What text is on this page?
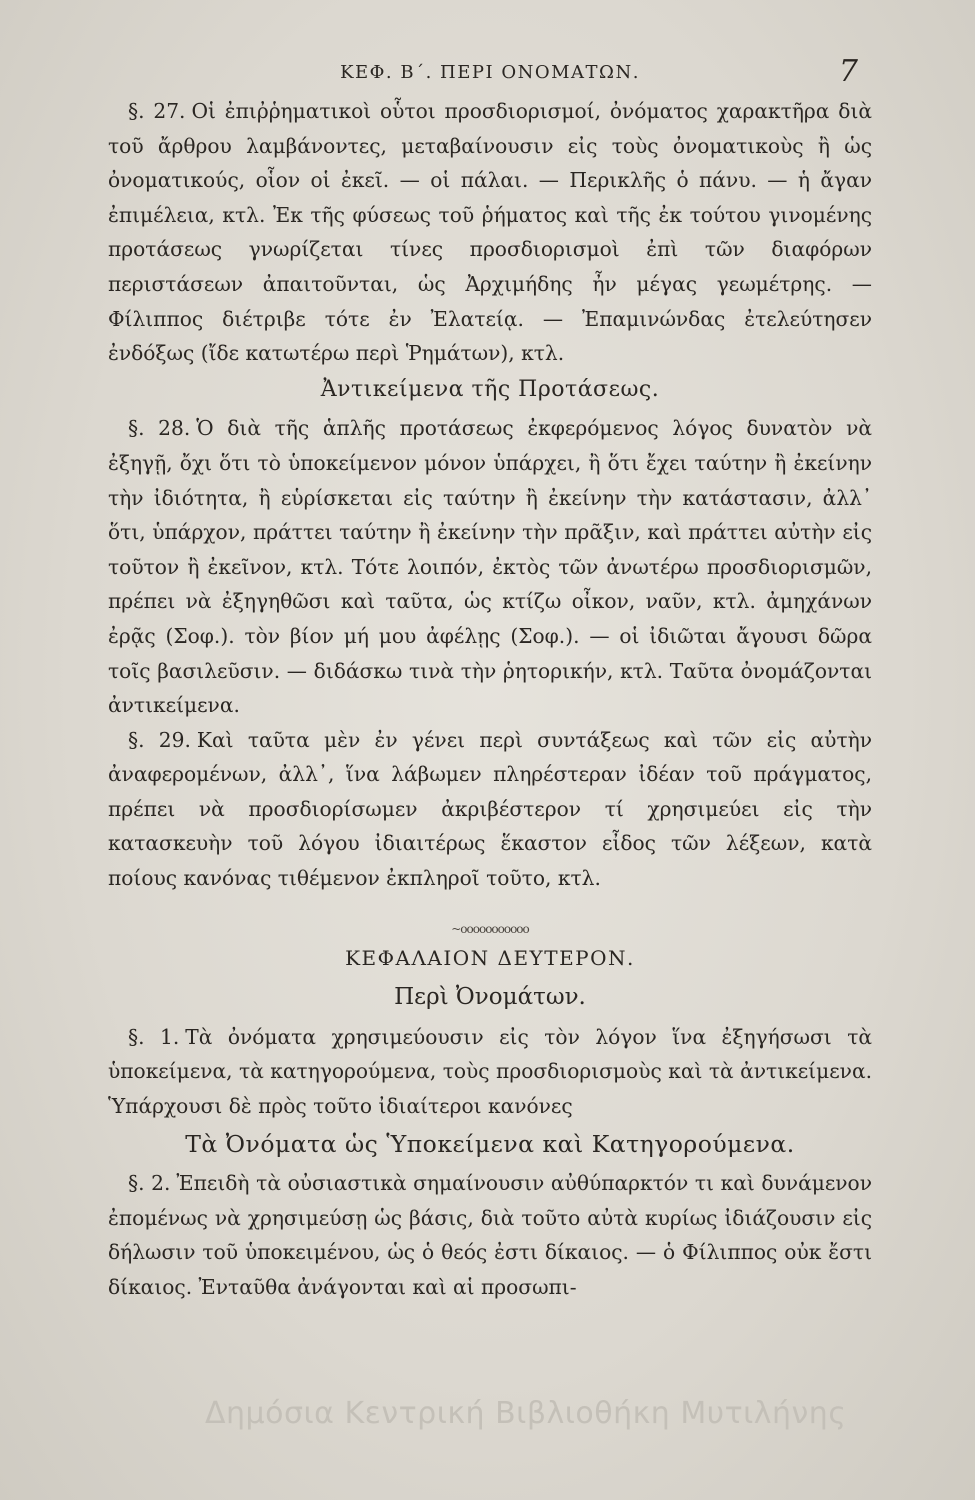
ΚΕΦ. Β΄. ΠΕΡΙ ΟΝΟΜΑΤΩΝ.	7

§. 27. Οἱ ἐπιῤῥηματικοὶ οὗτοι προσδιορισμοί, ὀνόματος χαρακτῆρα διὰ τοῦ ἄρθρου λαμβάνοντες, μεταβαίνουσιν εἰς τοὺς ὀνοματικοὺς ἢ ὡς ὀνοματικούς, οἷον οἱ ἐκεῖ. — οἱ πάλαι. — Περικλῆς ὁ πάνυ. — ἡ ἄγαν ἐπιμέλεια, κτλ. Ἐκ τῆς φύσεως τοῦ ῥήματος καὶ τῆς ἐκ τούτου γινομένης προτάσεως γνωρίζεται τίνες προσδιορισμοὶ ἐπὶ τῶν διαφόρων περιστάσεων ἀπαιτοῦνται, ὡς Ἀρχιμήδης ἦν μέγας γεωμέτρης. — Φίλιππος διέτριβε τότε ἐν Ἐλατείᾳ. — Ἐπαμινώνδας ἐτελεύτησεν ἐνδόξως (ἴδε κατωτέρω περὶ Ῥημάτων), κτλ.

Ἀντικείμενα τῆς Προτάσεως.

§. 28. Ὁ διὰ τῆς ἁπλῆς προτάσεως ἐκφερόμενος λόγος δυνατὸν νὰ ἐξηγῇ, ὄχι ὅτι τὸ ὑποκείμενον μόνον ὑπάρχει, ἢ ὅτι ἔχει ταύτην ἢ ἐκείνην τὴν ἰδιότητα, ἢ εὑρίσκεται εἰς ταύτην ἢ ἐκείνην τὴν κατάστασιν, ἀλλ᾽ ὅτι, ὑπάρχον, πράττει ταύτην ἢ ἐκείνην τὴν πρᾶξιν, καὶ πράττει αὐτὴν εἰς τοῦτον ἢ ἐκεῖνον, κτλ. Τότε λοιπόν, ἐκτὸς τῶν ἀνωτέρω προσδιορισμῶν, πρέπει νὰ ἐξηγηθῶσι καὶ ταῦτα, ὡς κτίζω οἶκον, ναῦν, κτλ. ἀμηχάνων ἐρᾷς (Σοφ.). τὸν βίον μή μου ἀφέλῃς (Σοφ.). — οἱ ἰδιῶται ἄγουσι δῶρα τοῖς βασιλεῦσιν. — διδάσκω τινὰ τὴν ῥητορικήν, κτλ. Ταῦτα ὀνομάζονται ἀντικείμενα.

§. 29. Καὶ ταῦτα μὲν ἐν γένει περὶ συντάξεως καὶ τῶν εἰς αὐτὴν ἀναφερομένων, ἀλλ᾽, ἵνα λάβωμεν πληρέστεραν ἰδέαν τοῦ πράγματος, πρέπει νὰ προσδιορίσωμεν ἀκριβέστερον τί χρησιμεύει εἰς τὴν κατασκευὴν τοῦ λόγου ἰδιαιτέρως ἕκαστον εἶδος τῶν λέξεων, κατὰ ποίους κανόνας τιθέμενον ἐκπληροῖ τοῦτο, κτλ.

~ooooooooooo
ΚΕΦΑΛΑΙΟΝ ΔΕΥΤΕΡΟΝ.
Περὶ Ὀνομάτων.

§. 1. Τὰ ὀνόματα χρησιμεύουσιν εἰς τὸν λόγον ἵνα ἐξηγήσωσι τὰ ὑποκείμενα, τὰ κατηγορούμενα, τοὺς προσδιορισμοὺς καὶ τὰ ἀντικείμενα. Ὑπάρχουσι δὲ πρὸς τοῦτο ἰδιαίτεροι κανόνες

Τὰ Ὀνόματα ὡς Ὑποκείμενα καὶ Κατηγορούμενα.

§. 2. Ἐπειδὴ τὰ οὐσιαστικὰ σημαίνουσιν αὐθύπαρκτόν τι καὶ δυνάμενον ἐπομένως νὰ χρησιμεύσῃ ὡς βάσις, διὰ τοῦτο αὐτὰ κυρίως ἰδιάζουσιν εἰς δήλωσιν τοῦ ὑποκειμένου, ὡς ὁ θεός ἐστι δίκαιος. — ὁ Φίλιππος οὐκ ἔστι δίκαιος. Ἐνταῦθα ἀνάγονται καὶ αἱ προσωπι-

Δημόσια Κεντρική Βιβλιοθήκη Μυτιλήνης
